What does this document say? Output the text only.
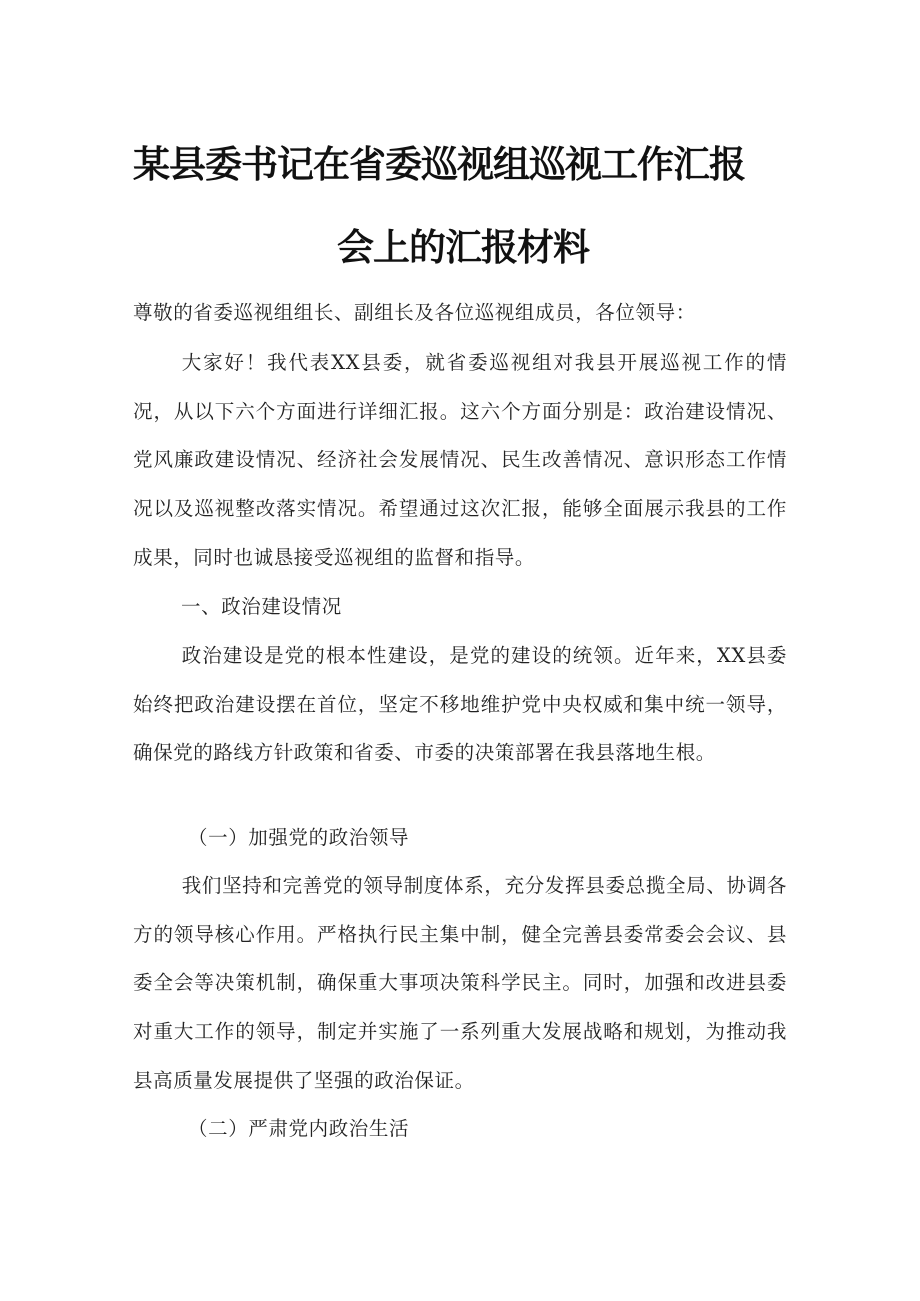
某县委书记在省委巡视组巡视工作汇报
会上的汇报材料
尊敬的省委巡视组组长、副组长及各位巡视组成员，各位领导：
大家好！我代表XX县委，就省委巡视组对我县开展巡视工作的情况，从以下六个方面进行详细汇报。这六个方面分别是：政治建设情况、党风廉政建设情况、经济社会发展情况、民生改善情况、意识形态工作情况以及巡视整改落实情况。希望通过这次汇报，能够全面展示我县的工作成果，同时也诚恳接受巡视组的监督和指导。
一、政治建设情况
政治建设是党的根本性建设，是党的建设的统领。近年来，XX县委始终把政治建设摆在首位，坚定不移地维护党中央权威和集中统一领导，确保党的路线方针政策和省委、市委的决策部署在我县落地生根。
（一）加强党的政治领导
我们坚持和完善党的领导制度体系，充分发挥县委总揽全局、协调各方的领导核心作用。严格执行民主集中制，健全完善县委常委会会议、县委全会等决策机制，确保重大事项决策科学民主。同时，加强和改进县委对重大工作的领导，制定并实施了一系列重大发展战略和规划，为推动我县高质量发展提供了坚强的政治保证。
（二）严肃党内政治生活
